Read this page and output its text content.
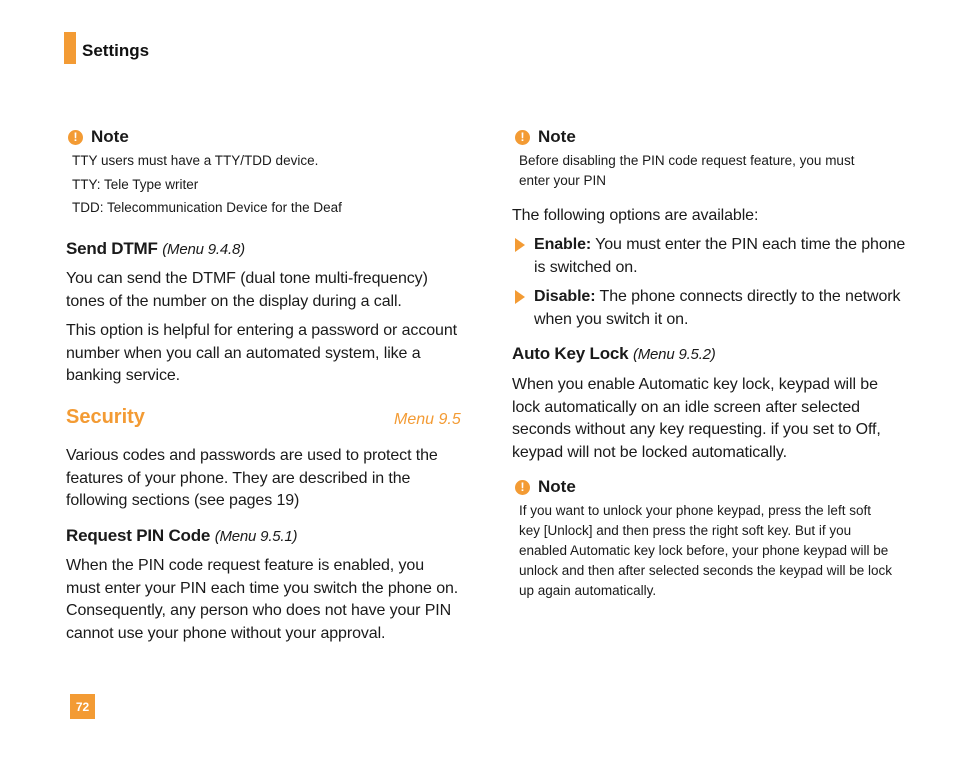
Settings
! Note

TTY users must have a TTY/TDD device.

TTY: Tele Type writer

TDD: Telecommunication Device for the Deaf

Send DTMF (Menu 9.4.8)

You can send the DTMF (dual tone multi-frequency) tones of the number on the display during a call.

This option is helpful for entering a password or account number when you call an automated system, like a banking service.

Security	Menu 9.5

Various codes and passwords are used to protect the features of your phone. They are described in the following sections (see pages 19)

Request PIN Code (Menu 9.5.1)

When the PIN code request feature is enabled, you must enter your PIN each time you switch the phone on. Consequently, any person who does not have your PIN cannot use your phone without your approval.

! Note

Before disabling the PIN code request feature, you must enter your PIN

The following options are available:
Enable: You must enter the PIN each time the phone is switched on.
Disable: The phone connects directly to the network when you switch it on.
Auto Key Lock (Menu 9.5.2)

When you enable Automatic key lock, keypad will be lock automatically on an idle screen after selected seconds without any key requesting. if you set to Off, keypad will not be locked automatically.

! Note

If you want to unlock your phone keypad, press the left soft key [Unlock] and then press the right soft key. But if you enabled Automatic key lock before, your phone keypad will be unlock and then after selected seconds the keypad will be lock up again automatically.

72
